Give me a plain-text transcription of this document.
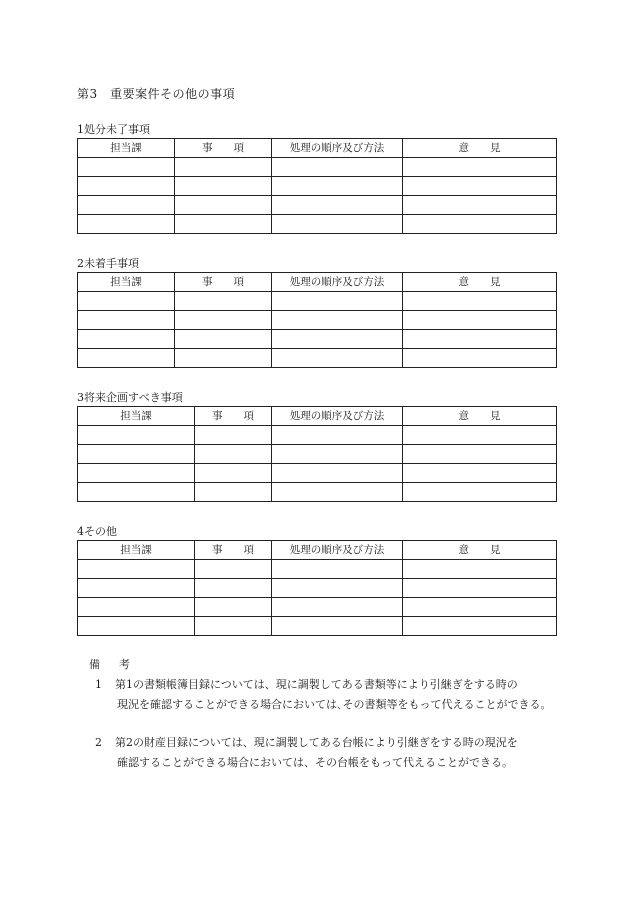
第3　重要案件その他の事項
1処分未了事項
担当課	事　　項	処理の順序及び方法	意　　見

2未着手事項
担当課	事　　項	処理の順序及び方法	意　　見

3将来企画すべき事項
担当課	事　　項	処理の順序及び方法	意　　見

4その他
担当課	事　　項	処理の順序及び方法	意　　見

備　考
1 第1の書類帳簿目録については、現に調製してある書類等により引継ぎをする時の
現況を確認することができる場合においては､その書類等をもって代えることができる。
2 第2の財産目録については、現に調製してある台帳により引継ぎをする時の現況を
確認することができる場合においては、その台帳をもって代えることができる。
